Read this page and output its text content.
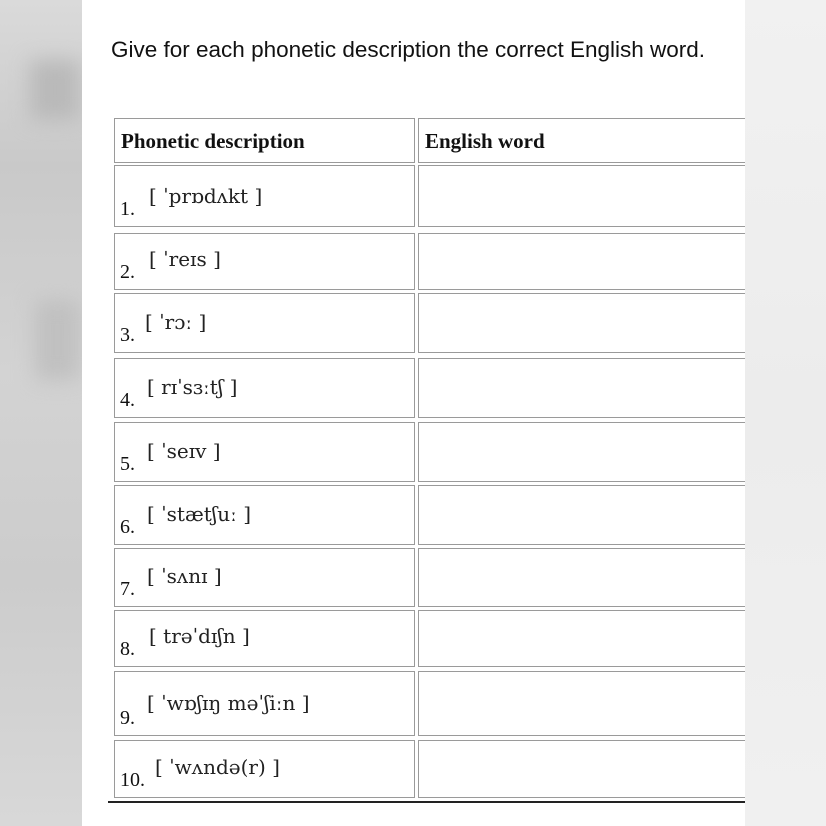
Give for each phonetic description the correct English word.
Phonetic description	English word
1.
[ ˈprɒdʌkt ]
2.
[ ˈreɪs ]
3.
[ ˈrɔː ]
4.
[ rɪˈsɜːtʃ ]
5.
[ ˈseɪv ]
6.
[ ˈstætʃuː ]
7.
[ ˈsʌnɪ ]
8.
[ trəˈdɪʃn ]
9.
[ ˈwɒʃɪŋ məˈʃiːn ]
10.
[ ˈwʌndə(r) ]
